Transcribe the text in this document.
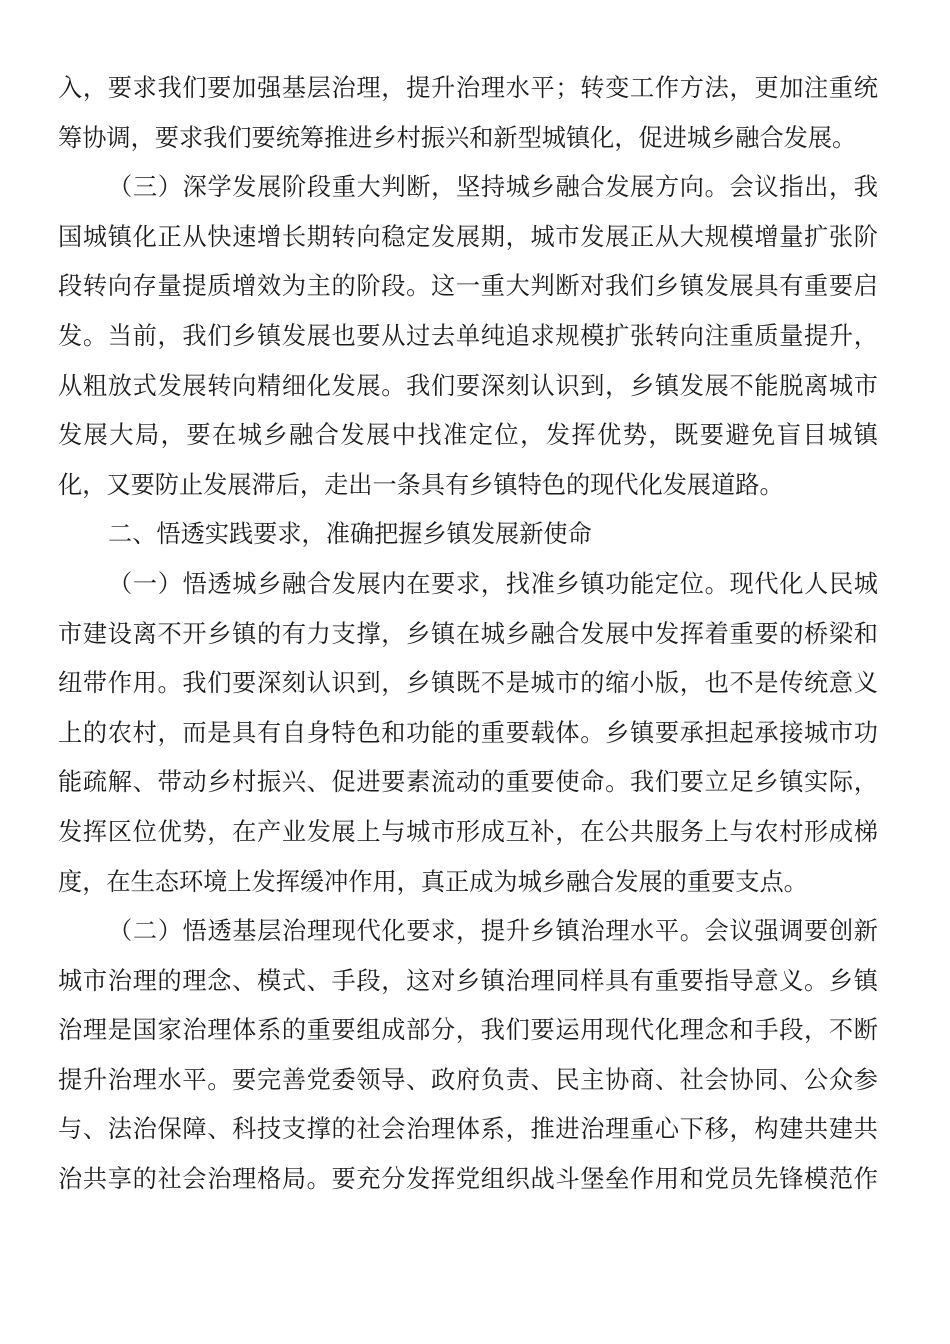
入，要求我们要加强基层治理，提升治理水平；转变工作方法，更加注重统
筹协调，要求我们要统筹推进乡村振兴和新型城镇化，促进城乡融合发展。
（三）深学发展阶段重大判断，坚持城乡融合发展方向。会议指出，我
国城镇化正从快速增长期转向稳定发展期，城市发展正从大规模增量扩张阶
段转向存量提质增效为主的阶段。这一重大判断对我们乡镇发展具有重要启
发。当前，我们乡镇发展也要从过去单纯追求规模扩张转向注重质量提升，
从粗放式发展转向精细化发展。我们要深刻认识到，乡镇发展不能脱离城市
发展大局，要在城乡融合发展中找准定位，发挥优势，既要避免盲目城镇
化，又要防止发展滞后，走出一条具有乡镇特色的现代化发展道路。
二、悟透实践要求，准确把握乡镇发展新使命
（一）悟透城乡融合发展内在要求，找准乡镇功能定位。现代化人民城
市建设离不开乡镇的有力支撑，乡镇在城乡融合发展中发挥着重要的桥梁和
纽带作用。我们要深刻认识到，乡镇既不是城市的缩小版，也不是传统意义
上的农村，而是具有自身特色和功能的重要载体。乡镇要承担起承接城市功
能疏解、带动乡村振兴、促进要素流动的重要使命。我们要立足乡镇实际，
发挥区位优势，在产业发展上与城市形成互补，在公共服务上与农村形成梯
度，在生态环境上发挥缓冲作用，真正成为城乡融合发展的重要支点。
（二）悟透基层治理现代化要求，提升乡镇治理水平。会议强调要创新
城市治理的理念、模式、手段，这对乡镇治理同样具有重要指导意义。乡镇
治理是国家治理体系的重要组成部分，我们要运用现代化理念和手段，不断
提升治理水平。要完善党委领导、政府负责、民主协商、社会协同、公众参
与、法治保障、科技支撑的社会治理体系，推进治理重心下移，构建共建共
治共享的社会治理格局。要充分发挥党组织战斗堡垒作用和党员先锋模范作
